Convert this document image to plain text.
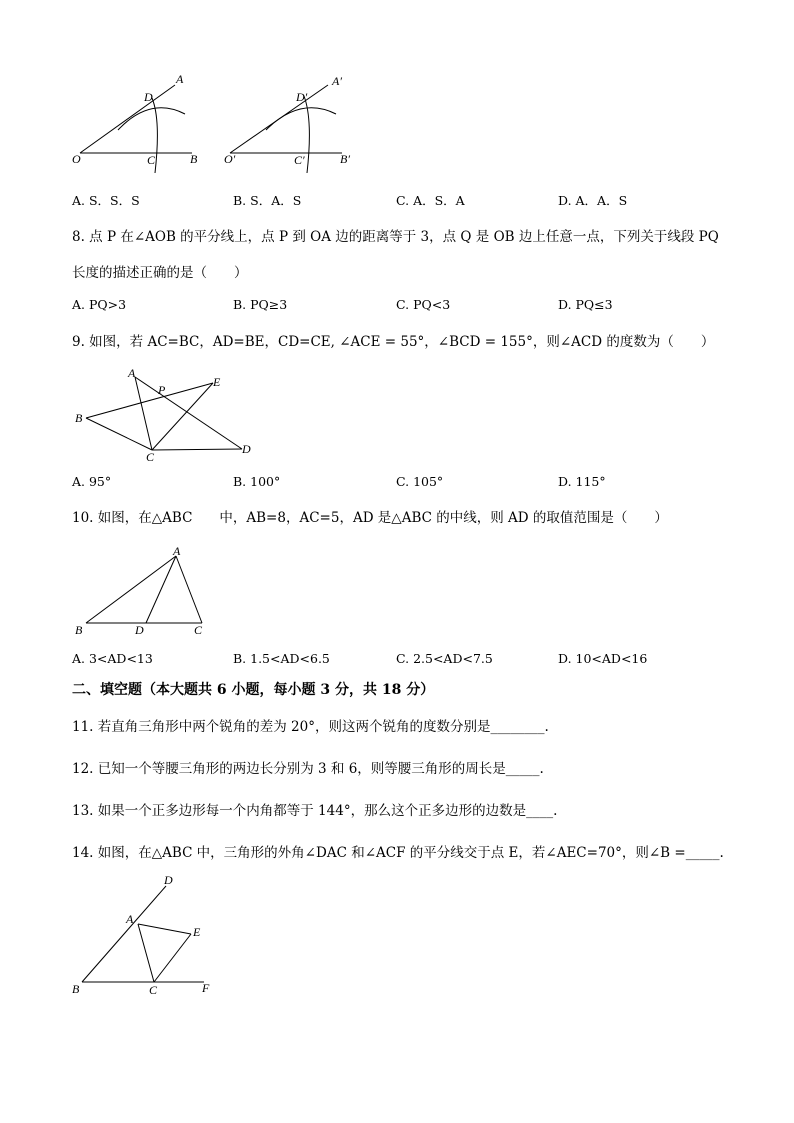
A
D
O	C	B
A′
D′
O′	C′	B′
A. S．S．S	B. S．A．S	C. A．S．A	D. A．A．S
8. 点 P 在∠AOB 的平分线上，点 P 到 OA 边的距离等于 3，点 Q 是 OB 边上任意一点，下列关于线段 PQ
长度的描述正确的是（　　）
A. PQ>3	B. PQ≥3	C. PQ<3	D. PQ≤3
9. 如图，若 AC=BC，AD=BE，CD=CE, ∠ACE = 55°，∠BCD = 155°，则∠ACD 的度数为（　　）
A
P
E
B
C
D
A. 95°	B. 100°	C. 105°	D. 115°
10. 如图，在△ABC　　中，AB=8，AC=5，AD 是△ABC 的中线，则 AD 的取值范围是（　　）
A
B	D	C
A. 3<AD<13	B. 1.5<AD<6.5	C. 2.5<AD<7.5	D. 10<AD<16
二、填空题（本大题共 6 小题，每小题 3 分，共 18 分）
11. 若直角三角形中两个锐角的差为 20°，则这两个锐角的度数分别是________.
12. 已知一个等腰三角形的两边长分别为 3 和 6，则等腰三角形的周长是_____.
13. 如果一个正多边形每一个内角都等于 144°，那么这个正多边形的边数是____.
14. 如图，在△ABC 中，三角形的外角∠DAC 和∠ACF 的平分线交于点 E，若∠AEC=70°，则∠B =_____.
D
A
E
B	C	F
